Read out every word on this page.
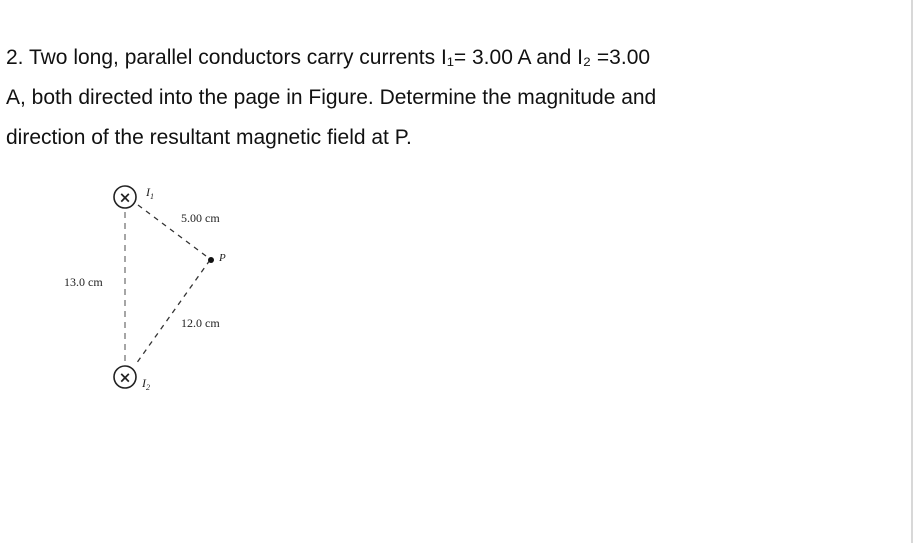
2. Two long, parallel conductors carry currents I₁= 3.00 A and I₂ =3.00
A, both directed into the page in Figure. Determine the magnitude and
direction of the resultant magnetic field at P.
× $I_1$
× $I_2$
P
5.00 cm
12.0 cm
13.0 cm
